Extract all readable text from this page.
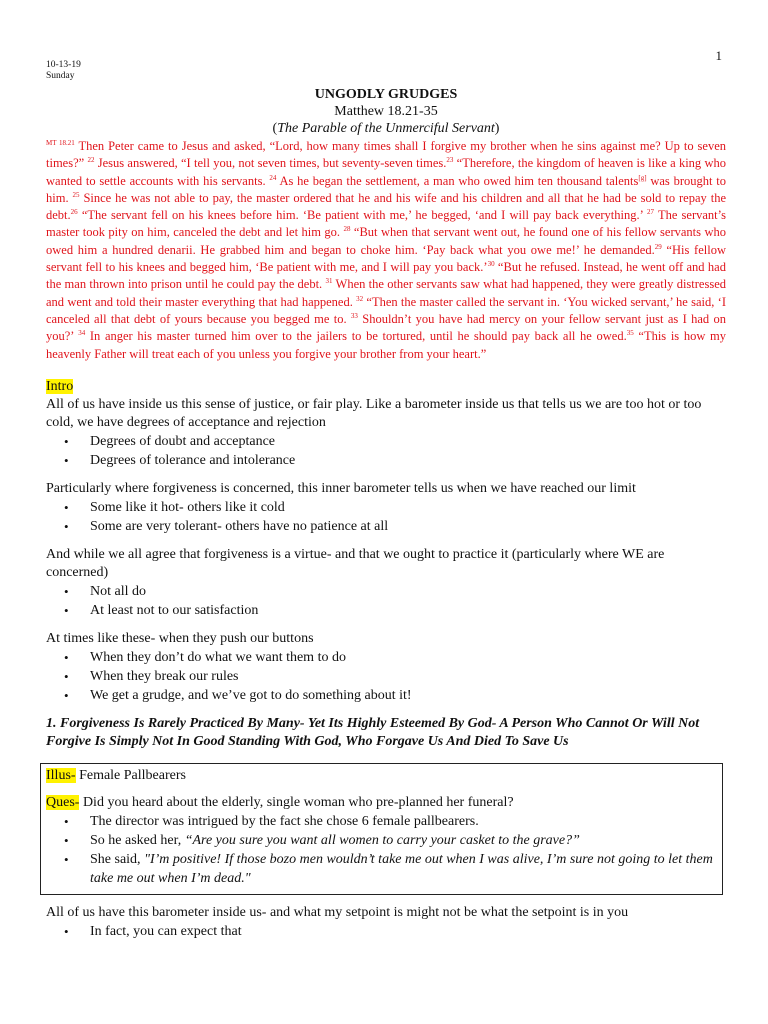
1
10-13-19
Sunday
UNGODLY GRUDGES
Matthew 18.21-35
(The Parable of the Unmerciful Servant)
$^{MT 18.21}$ Then Peter came to Jesus and asked, “Lord, how many times shall I forgive my brother when he sins against me? Up to seven times?” $^{22}$ Jesus answered, “I tell you, not seven times, but seventy-seven times.$^{23}$ “Therefore, the kingdom of heaven is like a king who wanted to settle accounts with his servants. $^{24}$ As he began the settlement, a man who owed him ten thousand talents[g] was brought to him. $^{25}$ Since he was not able to pay, the master ordered that he and his wife and his children and all that he had be sold to repay the debt.$^{26}$ “The servant fell on his knees before him. ‘Be patient with me,’ he begged, ‘and I will pay back everything.’ $^{27}$ The servant’s master took pity on him, canceled the debt and let him go. $^{28}$ “But when that servant went out, he found one of his fellow servants who owed him a hundred denarii. He grabbed him and began to choke him. ‘Pay back what you owe me!’ he demanded.$^{29}$ “His fellow servant fell to his knees and begged him, ‘Be patient with me, and I will pay you back.’$^{30}$ “But he refused. Instead, he went off and had the man thrown into prison until he could pay the debt. $^{31}$ When the other servants saw what had happened, they were greatly distressed and went and told their master everything that had happened. $^{32}$ “Then the master called the servant in. ‘You wicked servant,’ he said, ‘I canceled all that debt of yours because you begged me to. $^{33}$ Shouldn’t you have had mercy on your fellow servant just as I had on you?’ $^{34}$ In anger his master turned him over to the jailers to be tortured, until he should pay back all he owed.$^{35}$ “This is how my heavenly Father will treat each of you unless you forgive your brother from your heart.”
Intro

All of us have inside us this sense of justice, or fair play. Like a barometer inside us that tells us we are too hot or too cold, we have degrees of acceptance and rejection

• Degrees of doubt and acceptance
• Degrees of tolerance and intolerance

Particularly where forgiveness is concerned, this inner barometer tells us when we have reached our limit

• Some like it hot- others like it cold
• Some are very tolerant- others have no patience at all

And while we all agree that forgiveness is a virtue- and that we ought to practice it (particularly where WE are concerned)

• Not all do
• At least not to our satisfaction

At times like these- when they push our buttons

• When they don’t do what we want them to do
• When they break our rules
• We get a grudge, and we’ve got to do something about it!
1. Forgiveness Is Rarely Practiced By Many- Yet Its Highly Esteemed By God- A Person Who Cannot Or Will Not Forgive Is Simply Not In Good Standing With God, Who Forgave Us And Died To Save Us
Illus- Female Pallbearers
Ques- Did you heard about the elderly, single woman who pre-planned her funeral?
• The director was intrigued by the fact she chose 6 female pallbearers.
• So he asked her, “Are you sure you want all women to carry your casket to the grave?”
• She said, "I’m positive! If those bozo men wouldn’t take me out when I was alive, I’m sure not going to let them take me out when I’m dead."

All of us have this barometer inside us- and what my setpoint is might not be what the setpoint is in you

• In fact, you can expect that
